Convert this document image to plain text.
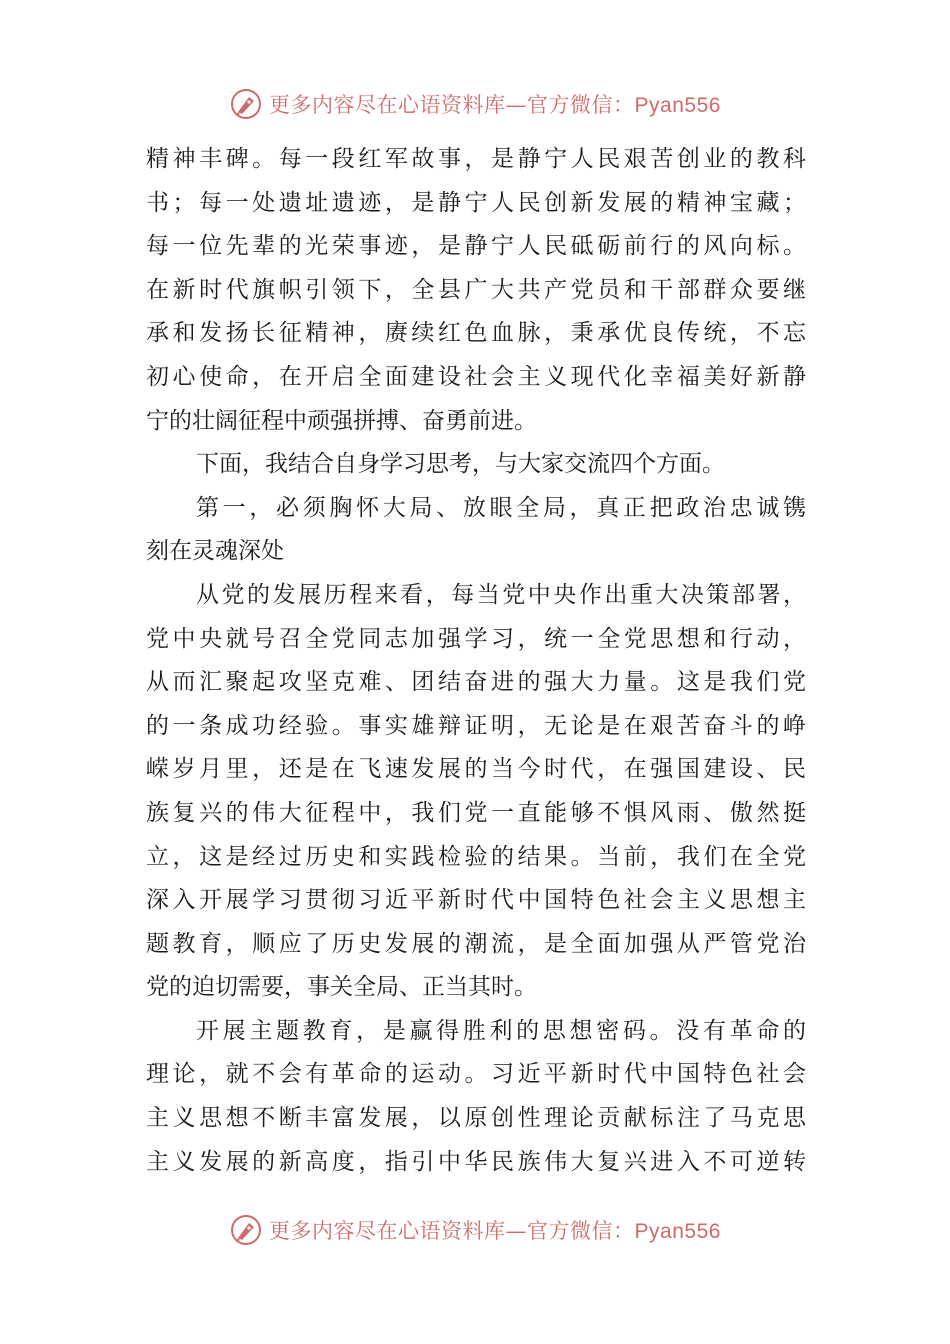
更多内容尽在心语资料库—官方微信：Pyan556
精神丰碑。每一段红军故事，是静宁人民艰苦创业的教科
书；每一处遗址遗迹，是静宁人民创新发展的精神宝藏；
每一位先辈的光荣事迹，是静宁人民砥砺前行的风向标。
在新时代旗帜引领下，全县广大共产党员和干部群众要继
承和发扬长征精神，赓续红色血脉，秉承优良传统，不忘
初心使命，在开启全面建设社会主义现代化幸福美好新静
宁的壮阔征程中顽强拼搏、奋勇前进。
下面，我结合自身学习思考，与大家交流四个方面。
第一，必须胸怀大局、放眼全局，真正把政治忠诚镌
刻在灵魂深处
从党的发展历程来看，每当党中央作出重大决策部署，
党中央就号召全党同志加强学习，统一全党思想和行动，
从而汇聚起攻坚克难、团结奋进的强大力量。这是我们党
的一条成功经验。事实雄辩证明，无论是在艰苦奋斗的峥
嵘岁月里，还是在飞速发展的当今时代，在强国建设、民
族复兴的伟大征程中，我们党一直能够不惧风雨、傲然挺
立，这是经过历史和实践检验的结果。当前，我们在全党
深入开展学习贯彻习近平新时代中国特色社会主义思想主
题教育，顺应了历史发展的潮流，是全面加强从严管党治
党的迫切需要，事关全局、正当其时。
开展主题教育，是赢得胜利的思想密码。没有革命的
理论，就不会有革命的运动。习近平新时代中国特色社会
主义思想不断丰富发展，以原创性理论贡献标注了马克思
主义发展的新高度，指引中华民族伟大复兴进入不可逆转
更多内容尽在心语资料库—官方微信：Pyan556
